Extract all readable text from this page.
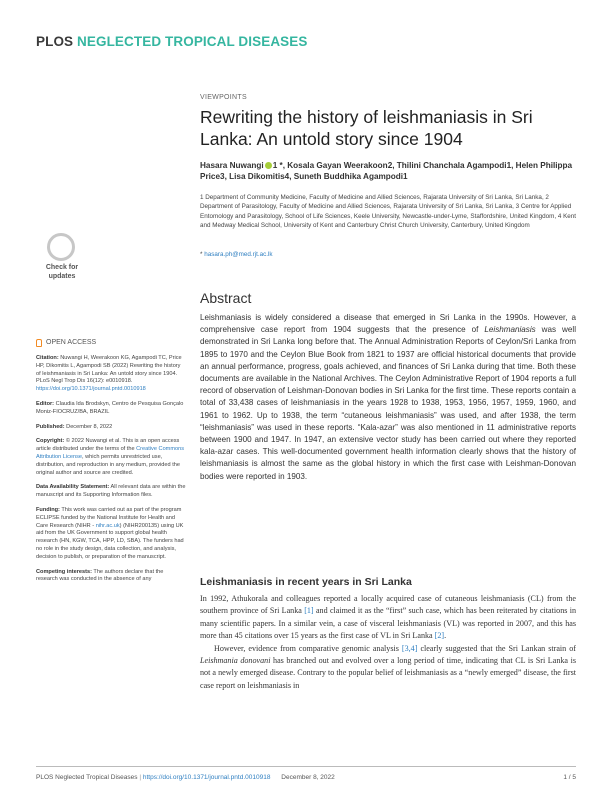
PLOS NEGLECTED TROPICAL DISEASES
VIEWPOINTS
Rewriting the history of leishmaniasis in Sri Lanka: An untold story since 1904
Hasara Nuwangi 1 *, Kosala Gayan Weerakoon2, Thilini Chanchala Agampodi1, Helen Philippa Price3, Lisa Dikomitis4, Suneth Buddhika Agampodi1
1 Department of Community Medicine, Faculty of Medicine and Allied Sciences, Rajarata University of Sri Lanka, Sri Lanka, 2 Department of Parasitology, Faculty of Medicine and Allied Sciences, Rajarata University of Sri Lanka, Sri Lanka, 3 Centre for Applied Entomology and Parasitology, School of Life Sciences, Keele University, Newcastle-under-Lyme, Staffordshire, United Kingdom, 4 Kent and Medway Medical School, University of Kent and Canterbury Christ Church University, Canterbury, United Kingdom
* hasara.ph@med.rjt.ac.lk
Check for
updates
Abstract
Leishmaniasis is widely considered a disease that emerged in Sri Lanka in the 1990s. However, a comprehensive case report from 1904 suggests that the presence of Leishmaniasis was well demonstrated in Sri Lanka long before that. The Annual Administration Reports of Ceylon/Sri Lanka from 1895 to 1970 and the Ceylon Blue Book from 1821 to 1937 are official historical documents that provide an annual performance, progress, goals achieved, and finances of Sri Lanka during that time. Both these documents are available in the National Archives. The Ceylon Administrative Report of 1904 reports a full record of observation of Leishman-Donovan bodies in Sri Lanka for the first time. These reports contain a total of 33,438 cases of leishmaniasis in the years 1928 to 1938, 1953, 1956, 1957, 1959, 1960, and 1961 to 1962. Up to 1938, the term “cutaneous leishmaniasis” was used, and after 1938, the term “leishmaniasis” was used in these reports. “Kala-azar” was also mentioned in 11 administrative reports between 1900 and 1947. In 1947, an extensive vector study has been carried out where they reported kala-azar cases. This well-documented government health information clearly shows that the history of leishmaniasis is almost the same as the global history in which the first case with Leishman-Donovan bodies were reported in 1903.
OPEN ACCESS
Citation: Nuwangi H, Weerakoon KG, Agampodi TC, Price HP, Dikomitis L, Agampodi SB (2022) Rewriting the history of leishmaniasis in Sri Lanka: An untold story since 1904. PLoS Negl Trop Dis 16(12): e0010918. https://doi.org/10.1371/journal.pntd.0010918
Editor: Claudia Ida Brodskyn, Centro de Pesquisa Gonçalo Moniz-FIOCRUZ/BA, BRAZIL
Published: December 8, 2022
Copyright: © 2022 Nuwangi et al. This is an open access article distributed under the terms of the Creative Commons Attribution License, which permits unrestricted use, distribution, and reproduction in any medium, provided the original author and source are credited.
Data Availability Statement: All relevant data are within the manuscript and its Supporting Information files.
Funding: This work was carried out as part of the program ECLIPSE funded by the National Institute for Health and Care Research (NIHR - nihr.ac.uk) (NIHR200135) using UK aid from the UK Government to support global health research (HN, KGW, TCA, HPP, LD, SBA). The funders had no role in the study design, data collection, and analysis, decision to publish, or preparation of the manuscript.
Competing interests: The authors declare that the research was conducted in the absence of any	Leishmaniasis in recent years in Sri Lanka

In 1992, Athukorala and colleagues reported a locally acquired case of cutaneous leishmaniasis (CL) from the southern province of Sri Lanka [1] and claimed it as the “first” such case, which has been reiterated by citations in many scientific papers. In a similar vein, a case of visceral leishmaniasis (VL) was reported in 2007, and this has more than 45 citations over 15 years as the first case of VL in Sri Lanka [2].

However, evidence from comparative genomic analysis [3,4] clearly suggested that the Sri Lankan strain of Leishmania donovani has branched out and evolved over a long period of time, indicating that CL is Sri Lanka is not a newly emerged disease. Contrary to the popular belief of leishmaniasis as a “newly emerged” disease, the first case report on leishmaniasis in

PLOS Neglected Tropical Diseases | https://doi.org/10.1371/journal.pntd.0010918 December 8, 2022	1 / 5
